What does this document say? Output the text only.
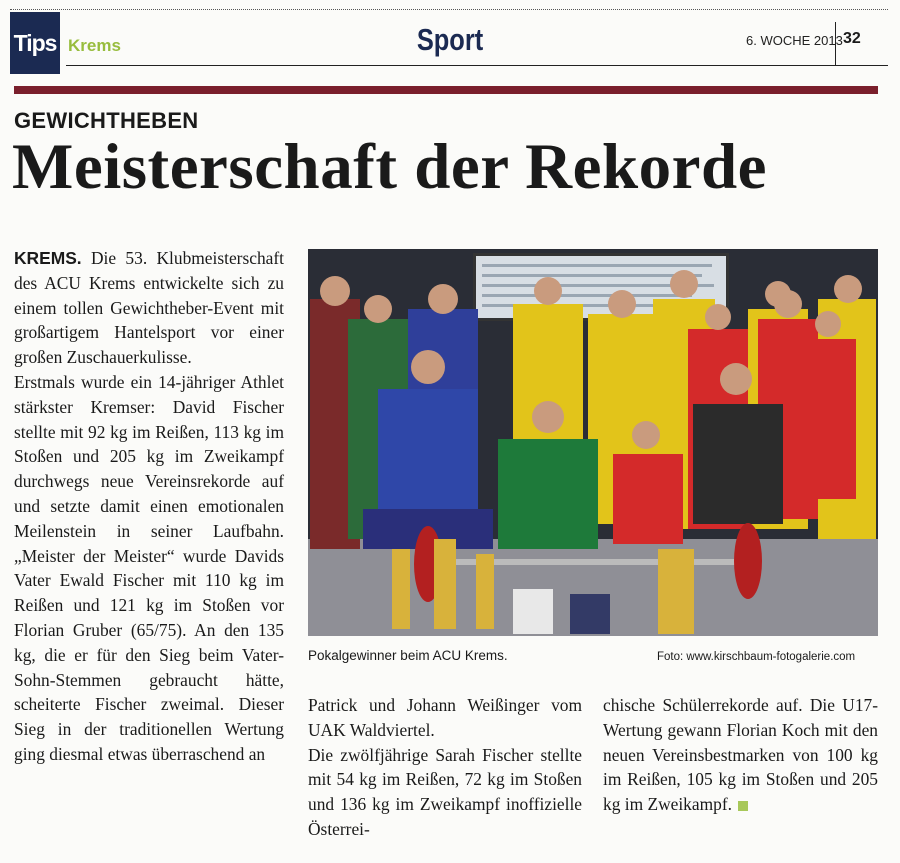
Tips Krems	Sport	6. WOCHE 2013 32
GEWICHTHEBEN
Meisterschaft der Rekorde

KREMS. Die 53. Klubmeisterschaft des ACU Krems entwickelte sich zu einem tollen Gewichtheber-Event mit großartigem Hantelsport vor einer großen Zuschauerkulisse.

Erstmals wurde ein 14-jähriger Athlet stärkster Kremser: David Fischer stellte mit 92 kg im Reißen, 113 kg im Stoßen und 205 kg im Zweikampf durchwegs neue Vereinsrekorde auf und setzte damit einen emotionalen Meilenstein in seiner Laufbahn. „Meister der Meister“ wurde Davids Vater Ewald Fischer mit 110 kg im Reißen und 121 kg im Stoßen vor Florian Gruber (65/75). An den 135 kg, die er für den Sieg beim Vater-Sohn-Stemmen gebraucht hätte, scheiterte Fischer zweimal. Dieser Sieg in der traditionellen Wertung ging diesmal etwas überraschend an

Pokalgewinner beim ACU Krems.	Foto: www.kirschbaum-fotogalerie.com

Patrick und Johann Weißinger vom UAK Waldviertel.

Die zwölfjährige Sarah Fischer stellte mit 54 kg im Reißen, 72 kg im Stoßen und 136 kg im Zweikampf inoffizielle Österrei-

chische Schülerrekorde auf. Die U17-Wertung gewann Florian Koch mit den neuen Vereinsbestmarken von 100 kg im Reißen, 105 kg im Stoßen und 205 kg im Zweikampf.
